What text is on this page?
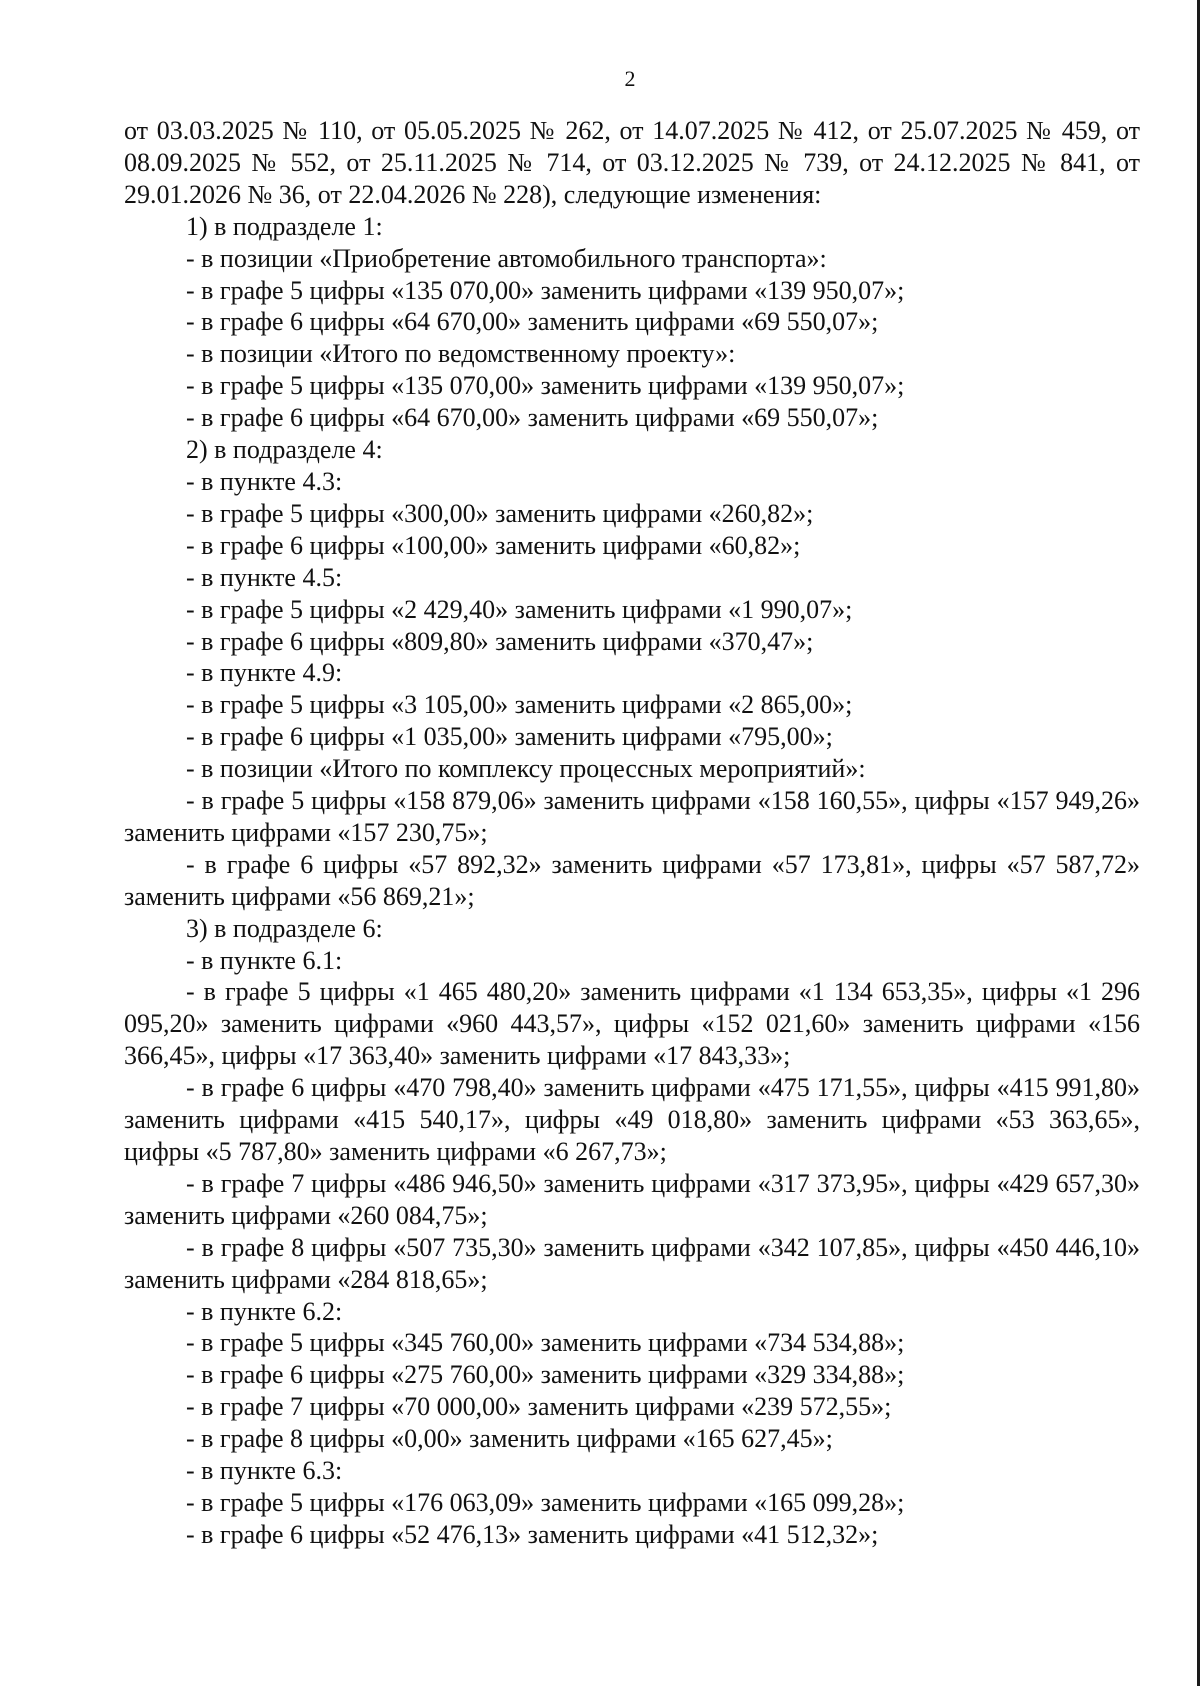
2

от 03.03.2025 № 110, от 05.05.2025 № 262, от 14.07.2025 № 412, от 25.07.2025 № 459, от 08.09.2025 № 552, от 25.11.2025 № 714, от 03.12.2025 № 739, от 24.12.2025 № 841, от 29.01.2026 № 36, от 22.04.2026 № 228), следующие изменения:

1) в подразделе 1:

- в позиции «Приобретение автомобильного транспорта»:

- в графе 5 цифры «135 070,00» заменить цифрами «139 950,07»;

- в графе 6 цифры «64 670,00» заменить цифрами «69 550,07»;

- в позиции «Итого по ведомственному проекту»:

- в графе 5 цифры «135 070,00» заменить цифрами «139 950,07»;

- в графе 6 цифры «64 670,00» заменить цифрами «69 550,07»;

2) в подразделе 4:

- в пункте 4.3:

- в графе 5 цифры «300,00» заменить цифрами «260,82»;

- в графе 6 цифры «100,00» заменить цифрами «60,82»;

- в пункте 4.5:

- в графе 5 цифры «2 429,40» заменить цифрами «1 990,07»;

- в графе 6 цифры «809,80» заменить цифрами «370,47»;

- в пункте 4.9:

- в графе 5 цифры «3 105,00» заменить цифрами «2 865,00»;

- в графе 6 цифры «1 035,00» заменить цифрами «795,00»;

- в позиции «Итого по комплексу процессных мероприятий»:

- в графе 5 цифры «158 879,06» заменить цифрами «158 160,55», цифры «157 949,26» заменить цифрами «157 230,75»;

- в графе 6 цифры «57 892,32» заменить цифрами «57 173,81», цифры «57 587,72» заменить цифрами «56 869,21»;

3) в подразделе 6:

- в пункте 6.1:

- в графе 5 цифры «1 465 480,20» заменить цифрами «1 134 653,35», цифры «1 296 095,20» заменить цифрами «960 443,57», цифры «152 021,60» заменить цифрами «156 366,45», цифры «17 363,40» заменить цифрами «17 843,33»;

- в графе 6 цифры «470 798,40» заменить цифрами «475 171,55», цифры «415 991,80» заменить цифрами «415 540,17», цифры «49 018,80» заменить цифрами «53 363,65», цифры «5 787,80» заменить цифрами «6 267,73»;

- в графе 7 цифры «486 946,50» заменить цифрами «317 373,95», цифры «429 657,30» заменить цифрами «260 084,75»;

- в графе 8 цифры «507 735,30» заменить цифрами «342 107,85», цифры «450 446,10» заменить цифрами «284 818,65»;

- в пункте 6.2:

- в графе 5 цифры «345 760,00» заменить цифрами «734 534,88»;

- в графе 6 цифры «275 760,00» заменить цифрами «329 334,88»;

- в графе 7 цифры «70 000,00» заменить цифрами «239 572,55»;

- в графе 8 цифры «0,00» заменить цифрами «165 627,45»;

- в пункте 6.3:

- в графе 5 цифры «176 063,09» заменить цифрами «165 099,28»;

- в графе 6 цифры «52 476,13» заменить цифрами «41 512,32»;
